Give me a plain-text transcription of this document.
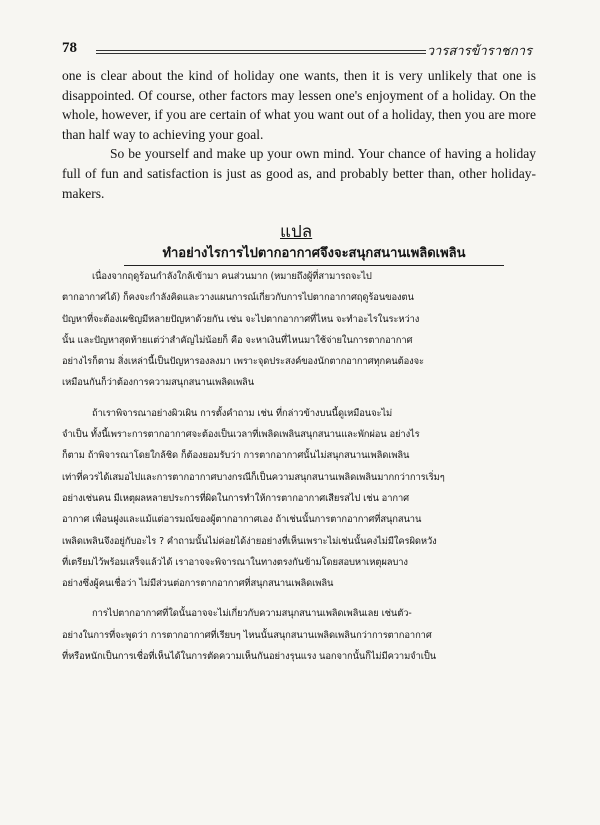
78	วารสารข้าราชการ

one is clear about the kind of holiday one wants, then it is very unlikely that one is disappointed. Of course, other factors may lessen one's enjoyment of a holiday. On the whole, however, if you are certain of what you want out of a holiday, then you are more than half way to achieving your goal.

So be yourself and make up your own mind. Your chance of having a holiday full of fun and satisfaction is just as good as, and probably better than, other holiday-makers.

แปล
ทำอย่างไรการไปตากอากาศจึงจะสนุกสนานเพลิดเพลิน
เนื่องจากฤดูร้อนกำลังใกล้เข้ามา คนส่วนมาก (หมายถึงผู้ที่สามารถจะไป
ตากอากาศได้) ก็คงจะกำลังคิดและวางแผนการณ์เกี่ยวกับการไปตากอากาศฤดูร้อนของตน
ปัญหาที่จะต้องเผชิญมีหลายปัญหาด้วยกัน เช่น จะไปตากอากาศที่ไหน จะทำอะไรในระหว่าง
นั้น และปัญหาสุดท้ายแต่ว่าสำคัญไม่น้อยก็ คือ จะหาเงินที่ไหนมาใช้จ่ายในการตากอากาศ
อย่างไรก็ตาม สิ่งเหล่านี้เป็นปัญหารองลงมา เพราะจุดประสงค์ของนักตากอากาศทุกคนต้องจะ
เหมือนกันก็ว่าต้องการความสนุกสนานเพลิดเพลิน
ถ้าเราพิจารณาอย่างผิวเผิน การตั้งคำถาม เช่น ที่กล่าวข้างบนนี้ดูเหมือนจะไม่
จำเป็น ทั้งนี้เพราะการตากอากาศจะต้องเป็นเวลาที่เพลิดเพลินสนุกสนานและพักผ่อน อย่างไร
ก็ตาม ถ้าพิจารณาโดยใกล้ชิด ก็ต้องยอมรับว่า การตากอากาศนั้นไม่สนุกสนานเพลิดเพลิน
เท่าที่ควรได้เสมอไปและการตากอากาศบางกรณีก็เป็นความสนุกสนานเพลิดเพลินมากกว่าการเริ่มๆ
อย่างเช่นคน มีเหตุผลหลายประการที่ผิดในการทำให้การตากอากาศเสียรสไป เช่น อากาศ
อากาศ เพื่อนฝูงและแม้แต่อารมณ์ของผู้ตากอากาศเอง ถ้าเช่นนั้นการตากอากาศที่สนุกสนาน
เพลิดเพลินจึงอยู่กับอะไร ? คำถามนั้นไม่ค่อยได้ง่ายอย่างที่เห็นเพราะไม่เช่นนั้นคงไม่มีใครผิดหวัง
ที่เตรียมไว้พร้อมเสร็จแล้วได้ เราอาจจะพิจารณาในทางตรงกันข้ามโดยสอบหาเหตุผลบาง
อย่างซึ่งผู้คนเชื่อว่า ไม่มีส่วนต่อการตากอากาศที่สนุกสนานเพลิดเพลิน
การไปตากอากาศที่ใดนั้นอาจจะไม่เกี่ยวกับความสนุกสนานเพลิดเพลินเลย เช่นตัว-
อย่างในการที่จะพูดว่า การตากอากาศที่เรียบๆ ไหนนั้นสนุกสนานเพลิดเพลินกว่าการตากอากาศ
ที่หรือหนักเป็นการเชื่อที่เห็นได้ในการตัดความเห็นกันอย่างรุนแรง นอกจากนั้นก็ไม่มีความจำเป็น
